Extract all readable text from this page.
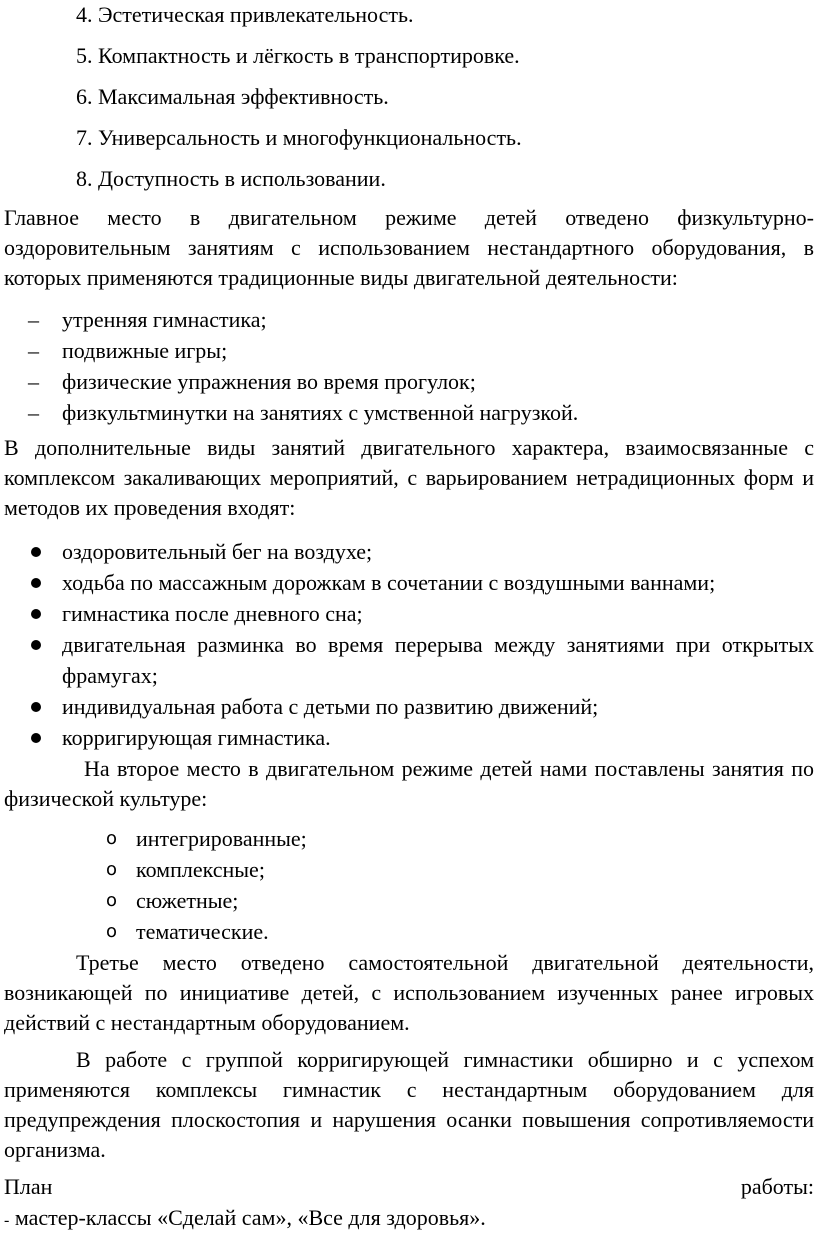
4. Эстетическая привлекательность.
5. Компактность и лёгкость в транспортировке.
6. Максимальная эффективность.
7. Универсальность и многофункциональность.
8. Доступность в использовании.

Главное место в двигательном режиме детей отведено физкультурно-оздоровительным занятиям с использованием нестандартного оборудования, в которых применяются традиционные виды двигательной деятельности:

– утренняя гимнастика;
– подвижные игры;
– физические упражнения во время прогулок;
– физкультминутки на занятиях с умственной нагрузкой.

В дополнительные виды занятий двигательного характера, взаимосвязанные с комплексом закаливающих мероприятий, с варьированием нетрадиционных форм и методов их проведения входят:

оздоровительный бег на воздухе;
ходьба по массажным дорожкам в сочетании с воздушными ваннами;
гимнастика после дневного сна;
двигательная разминка во время перерыва между занятиями при открытых фрамугах;
индивидуальная работа с детьми по развитию движений;
корригирующая гимнастика.

На второе место в двигательном режиме детей нами поставлены занятия по физической культуре:

o интегрированные;
o комплексные;
o сюжетные;
o тематические.

Третье место отведено самостоятельной двигательной деятельности, возникающей по инициативе детей, с использованием изученных ранее игровых действий с нестандартным оборудованием.

В работе с группой корригирующей гимнастики обширно и с успехом применяются комплексы гимнастик с нестандартным оборудованием для предупреждения плоскостопия и нарушения осанки повышения сопротивляемости организма.

План	работы:
- мастер-классы «Сделай сам», «Все для здоровья».
